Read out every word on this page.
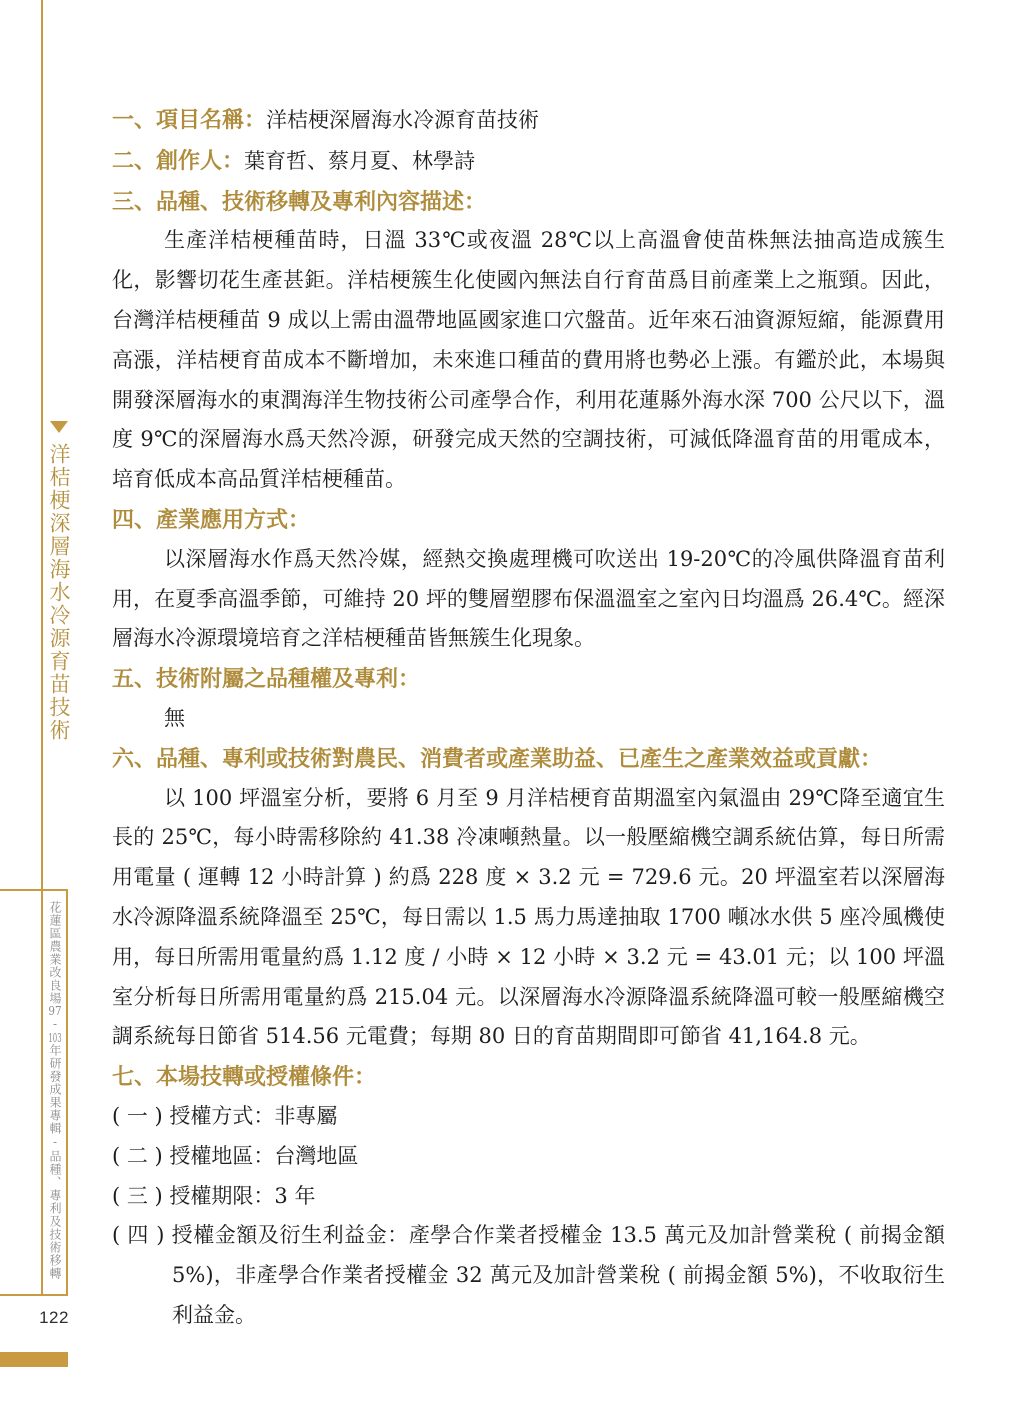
洋桔梗深層海水冷源育苗技術
花蓮區農業改良場97-103年研發成果專輯-品種、專利及技術移轉
122

一、項目名稱：洋桔梗深層海水冷源育苗技術

二、創作人：葉育哲、蔡月夏、林學詩

三、品種、技術移轉及專利內容描述：

生產洋桔梗種苗時，日溫 33℃或夜溫 28℃以上高溫會使苗株無法抽高造成簇生化，影響切花生產甚鉅。洋桔梗簇生化使國內無法自行育苗爲目前產業上之瓶頸。因此，台灣洋桔梗種苗 9 成以上需由溫帶地區國家進口穴盤苗。近年來石油資源短縮，能源費用高漲，洋桔梗育苗成本不斷增加，未來進口種苗的費用將也勢必上漲。有鑑於此，本場與開發深層海水的東潤海洋生物技術公司產學合作，利用花蓮縣外海水深 700 公尺以下，溫度 9℃的深層海水爲天然冷源，研發完成天然的空調技術，可減低降溫育苗的用電成本，培育低成本高品質洋桔梗種苗。

四、產業應用方式：

以深層海水作爲天然冷媒，經熱交換處理機可吹送出 19-20℃的冷風供降溫育苗利用，在夏季高溫季節，可維持 20 坪的雙層塑膠布保溫溫室之室內日均溫爲 26.4℃。經深層海水冷源環境培育之洋桔梗種苗皆無簇生化現象。

五、技術附屬之品種權及專利：

無

六、品種、專利或技術對農民、消費者或產業助益、已產生之產業效益或貢獻：

以 100 坪溫室分析，要將 6 月至 9 月洋桔梗育苗期溫室內氣溫由 29℃降至適宜生長的 25℃，每小時需移除約 41.38 冷凍噸熱量。以一般壓縮機空調系統估算，每日所需用電量 ( 運轉 12 小時計算 ) 約爲 228 度 × 3.2 元 = 729.6 元。20 坪溫室若以深層海水冷源降溫系統降溫至 25℃，每日需以 1.5 馬力馬達抽取 1700 噸冰水供 5 座冷風機使用，每日所需用電量約爲 1.12 度 / 小時 × 12 小時 × 3.2 元 = 43.01 元；以 100 坪溫室分析每日所需用電量約爲 215.04 元。以深層海水冷源降溫系統降溫可較一般壓縮機空調系統每日節省 514.56 元電費；每期 80 日的育苗期間即可節省 41,164.8 元。

七、本場技轉或授權條件：

( 一 ) 授權方式：非專屬

( 二 ) 授權地區：台灣地區

( 三 ) 授權期限：3 年

( 四 ) 授權金額及衍生利益金：產學合作業者授權金 13.5 萬元及加計營業稅 ( 前揭金額 5%)，非產學合作業者授權金 32 萬元及加計營業稅 ( 前揭金額 5%)，不收取衍生利益金。
